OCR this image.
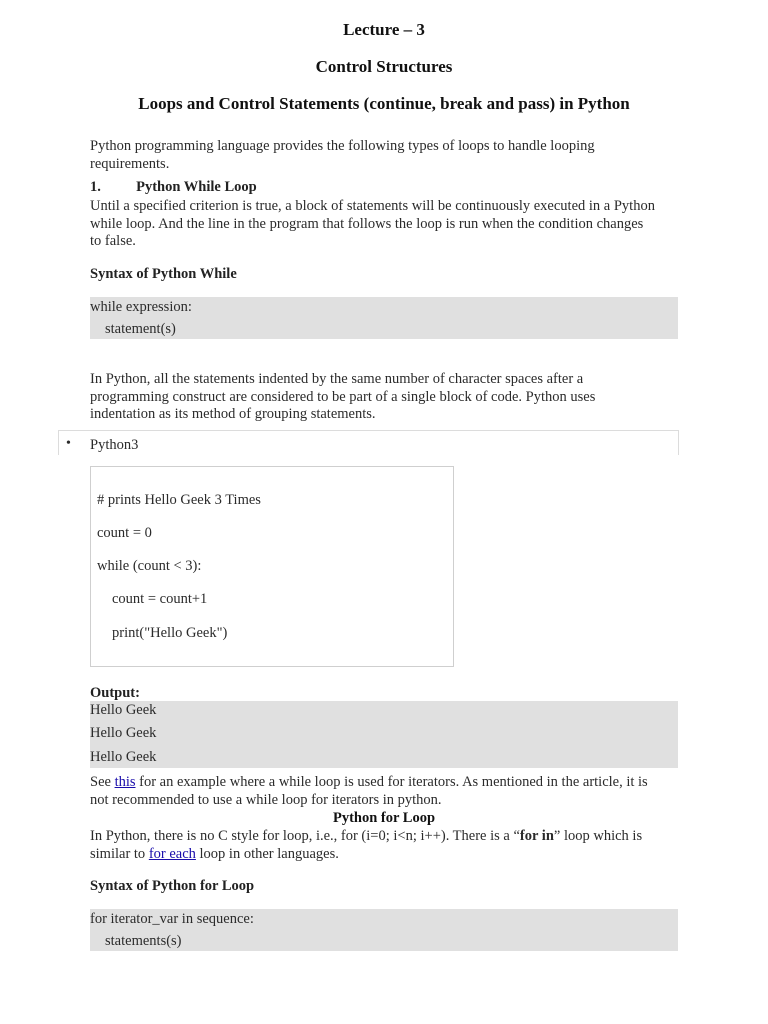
Lecture – 3
Control Structures
Loops and Control Statements (continue, break and pass) in Python
Python programming language provides the following types of loops to handle looping
requirements.
1. Python While Loop
Until a specified criterion is true, a block of statements will be continuously executed in a Python
while loop. And the line in the program that follows the loop is run when the condition changes
to false.
Syntax of Python While
while expression:
statement(s)
In Python, all the statements indented by the same number of character spaces after a
programming construct are considered to be part of a single block of code. Python uses
indentation as its method of grouping statements.
• Python3
# prints Hello Geek 3 Times
count = 0
while (count < 3):
count = count+1
print("Hello Geek")
Output:
Hello Geek
Hello Geek
Hello Geek
See this for an example where a while loop is used for iterators. As mentioned in the article, it is
not recommended to use a while loop for iterators in python.
Python for Loop
In Python, there is no C style for loop, i.e., for (i=0; i<n; i++). There is a “for in” loop which is
similar to for each loop in other languages.
Syntax of Python for Loop
for iterator_var in sequence:
statements(s)
